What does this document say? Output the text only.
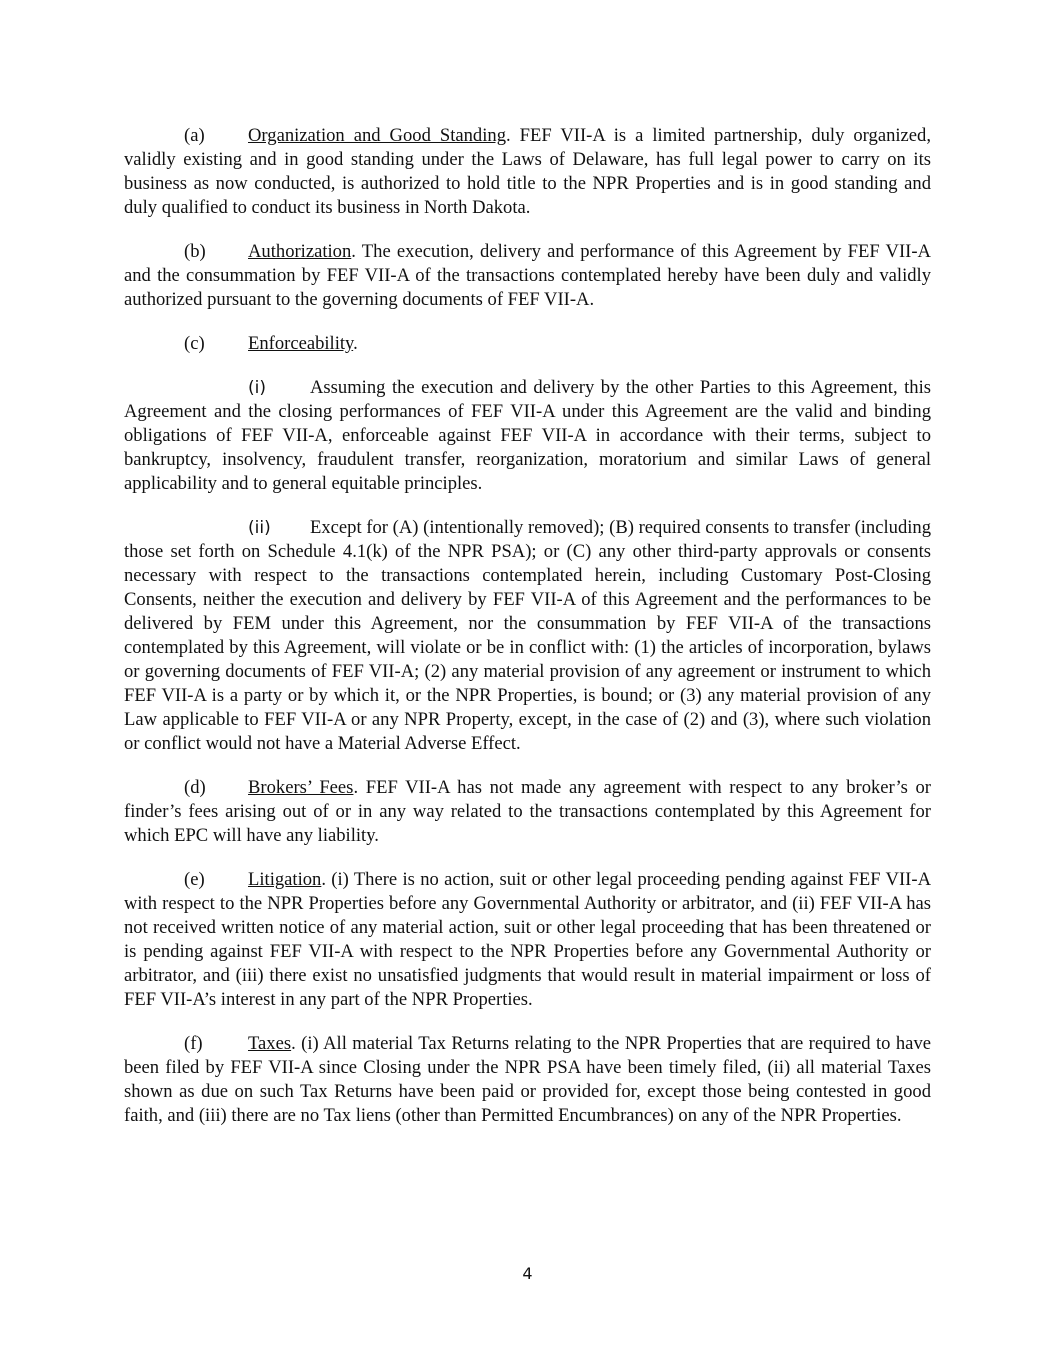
(a) Organization and Good Standing. FEF VII-A is a limited partnership, duly organized, validly existing and in good standing under the Laws of Delaware, has full legal power to carry on its business as now conducted, is authorized to hold title to the NPR Properties and is in good standing and duly qualified to conduct its business in North Dakota.

(b) Authorization. The execution, delivery and performance of this Agreement by FEF VII-A and the consummation by FEF VII-A of the transactions contemplated hereby have been duly and validly authorized pursuant to the governing documents of FEF VII-A.

(c) Enforceability.

(i) Assuming the execution and delivery by the other Parties to this Agreement, this Agreement and the closing performances of FEF VII-A under this Agreement are the valid and binding obligations of FEF VII-A, enforceable against FEF VII-A in accordance with their terms, subject to bankruptcy, insolvency, fraudulent transfer, reorganization, moratorium and similar Laws of general applicability and to general equitable principles.

(ii) Except for (A) (intentionally removed); (B) required consents to transfer (including those set forth on Schedule 4.1(k) of the NPR PSA); or (C) any other third-party approvals or consents necessary with respect to the transactions contemplated herein, including Customary Post-Closing Consents, neither the execution and delivery by FEF VII-A of this Agreement and the performances to be delivered by FEM under this Agreement, nor the consummation by FEF VII-A of the transactions contemplated by this Agreement, will violate or be in conflict with: (1) the articles of incorporation, bylaws or governing documents of FEF VII-A; (2) any material provision of any agreement or instrument to which FEF VII-A is a party or by which it, or the NPR Properties, is bound; or (3) any material provision of any Law applicable to FEF VII-A or any NPR Property, except, in the case of (2) and (3), where such violation or conflict would not have a Material Adverse Effect.

(d) Brokers’ Fees. FEF VII-A has not made any agreement with respect to any broker’s or finder’s fees arising out of or in any way related to the transactions contemplated by this Agreement for which EPC will have any liability.

(e) Litigation. (i) There is no action, suit or other legal proceeding pending against FEF VII-A with respect to the NPR Properties before any Governmental Authority or arbitrator, and (ii) FEF VII-A has not received written notice of any material action, suit or other legal proceeding that has been threatened or is pending against FEF VII-A with respect to the NPR Properties before any Governmental Authority or arbitrator, and (iii) there exist no unsatisfied judgments that would result in material impairment or loss of FEF VII-A’s interest in any part of the NPR Properties.

(f) Taxes. (i) All material Tax Returns relating to the NPR Properties that are required to have been filed by FEF VII-A since Closing under the NPR PSA have been timely filed, (ii) all material Taxes shown as due on such Tax Returns have been paid or provided for, except those being contested in good faith, and (iii) there are no Tax liens (other than Permitted Encumbrances) on any of the NPR Properties.

4
